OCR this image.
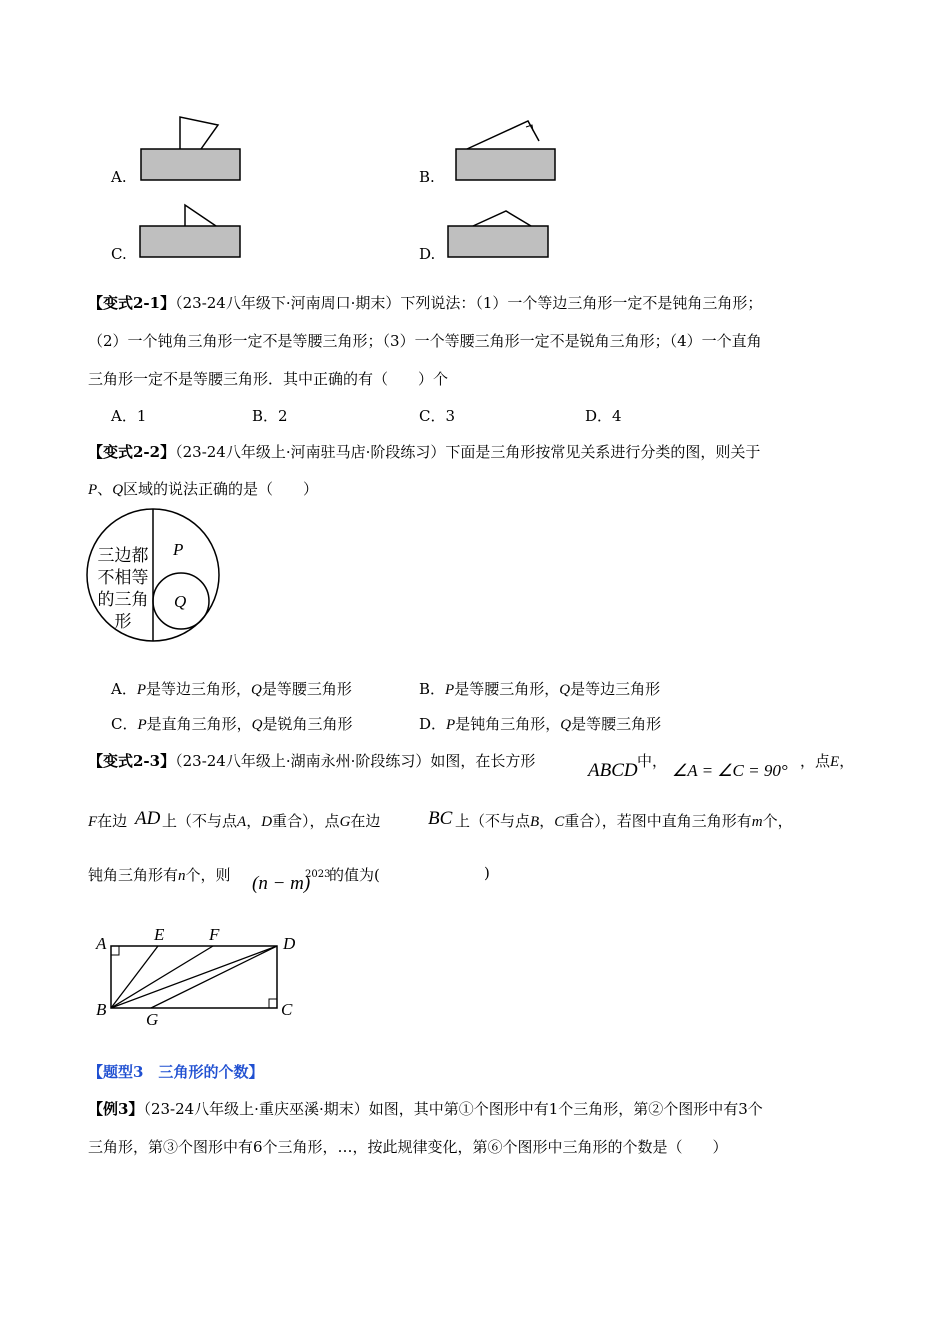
A.	B.
C.	D.
【变式2-1】（23-24八年级下·河南周口·期末）下列说法：（1）一个等边三角形一定不是钝角三角形；
（2）一个钝角三角形一定不是等腰三角形；（3）一个等腰三角形一定不是锐角三角形；（4）一个直角
三角形一定不是等腰三角形．其中正确的有（　　）个
A．1	B．2	C．3	D．4
【变式2-2】（23-24八年级上·河南驻马店·阶段练习）下面是三角形按常见关系进行分类的图，则关于
P、Q区域的说法正确的是（　　）
三边都
不相等
的三角
形
P
Q
A．P是等边三角形，Q是等腰三角形	B．P是等腰三角形，Q是等边三角形
C．P是直角三角形，Q是锐角三角形	D．P是钝角三角形，Q是等腰三角形
【变式2-3】（23-24八年级上·湖南永州·阶段练习）如图，在长方形	ABCD 中， ∠A = ∠C = 90° ，点E，
F在边 AD 上（不与点A，D重合），点G在边	BC 上（不与点B，C重合），若图中直角三角形有m个，
钝角三角形有n个，则 (n − m)
2023
的值为(	)
A	E	F	D
B
G
C
【题型3　三角形的个数】
【例3】（23-24八年级上·重庆巫溪·期末）如图，其中第①个图形中有1个三角形，第②个图形中有3个
三角形，第③个图形中有6个三角形，…，按此规律变化，第⑥个图形中三角形的个数是（　　）
